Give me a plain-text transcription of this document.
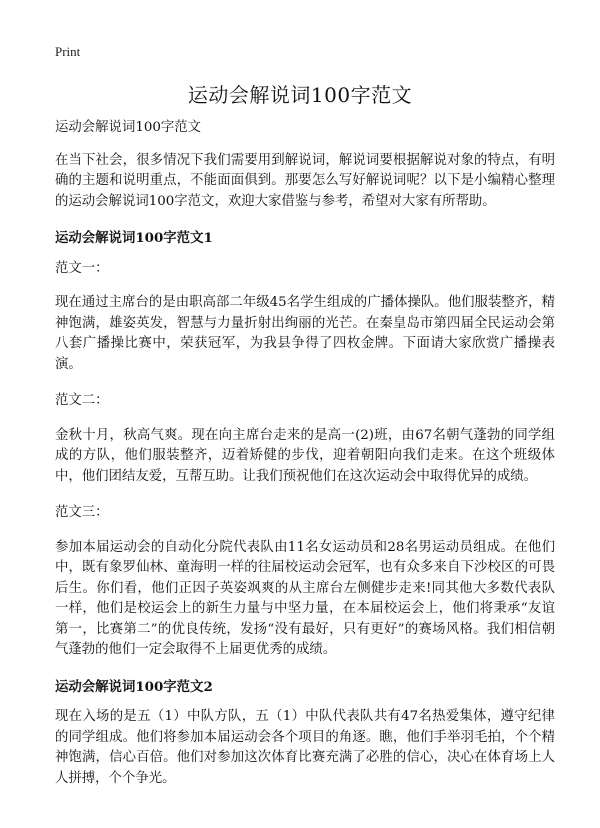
Print
运动会解说词100字范文

运动会解说词100字范文

在当下社会，很多情况下我们需要用到解说词，解说词要根据解说对象的特点，有明确的主题和说明重点，不能面面俱到。那要怎么写好解说词呢？以下是小编精心整理的运动会解说词100字范文，欢迎大家借鉴与参考，希望对大家有所帮助。

运动会解说词100字范文1

范文一：

现在通过主席台的是由职高部二年级45名学生组成的广播体操队。他们服装整齐，精神饱满，雄姿英发，智慧与力量折射出绚丽的光芒。在秦皇岛市第四届全民运动会第八套广播操比赛中，荣获冠军，为我县争得了四枚金牌。下面请大家欣赏广播操表演。

范文二：

金秋十月，秋高气爽。现在向主席台走来的是高一(2)班，由67名朝气蓬勃的同学组成的方队，他们服装整齐，迈着矫健的步伐，迎着朝阳向我们走来。在这个班级体中，他们团结友爱，互帮互助。让我们预祝他们在这次运动会中取得优异的成绩。

范文三：

参加本届运动会的自动化分院代表队由11名女运动员和28名男运动员组成。在他们中，既有象罗仙林、童海明一样的往届校运动会冠军，也有众多来自下沙校区的可畏后生。你们看，他们正因子英姿飒爽的从主席台左侧健步走来!同其他大多数代表队一样，他们是校运会上的新生力量与中坚力量，在本届校运会上，他们将秉承“友谊第一，比赛第二”的优良传统，发扬“没有最好，只有更好”的赛场风格。我们相信朝气蓬勃的他们一定会取得不上届更优秀的成绩。

运动会解说词100字范文2

现在入场的是五（1）中队方队，五（1）中队代表队共有47名热爱集体，遵守纪律的同学组成。他们将参加本届运动会各个项目的角逐。瞧，他们手举羽毛拍，个个精神饱满，信心百倍。他们对参加这次体育比赛充满了必胜的信心，决心在体育场上人人拼搏，个个争光。
